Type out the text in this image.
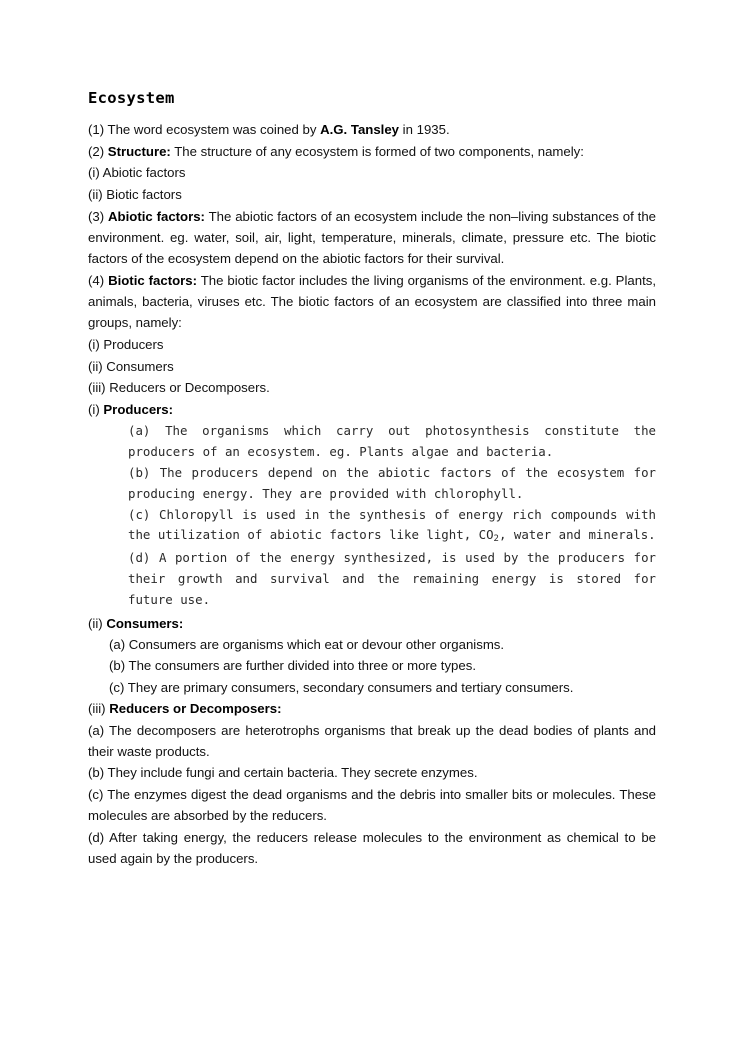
Ecosystem

(1) The word ecosystem was coined by A.G. Tansley in 1935.

(2) Structure: The structure of any ecosystem is formed of two components, namely:

(i) Abiotic factors

(ii) Biotic factors

(3) Abiotic factors: The abiotic factors of an ecosystem include the non–living substances of the environment. eg. water, soil, air, light, temperature, minerals, climate, pressure etc. The biotic factors of the ecosystem depend on the abiotic factors for their survival.

(4) Biotic factors: The biotic factor includes the living organisms of the environment. e.g. Plants, animals, bacteria, viruses etc. The biotic factors of an ecosystem are classified into three main groups, namely:

(i) Producers

(ii) Consumers

(iii) Reducers or Decomposers.

(i) Producers:

(a) The organisms which carry out photosynthesis constitute the producers of an ecosystem. eg. Plants algae and bacteria.

(b) The producers depend on the abiotic factors of the ecosystem for producing energy. They are provided with chlorophyll.

(c) Chloropyll is used in the synthesis of energy rich compounds with the utilization of abiotic factors like light, $CO_2$, water and minerals.

(d) A portion of the energy synthesized, is used by the producers for their growth and survival and the remaining energy is stored for future use.

(ii) Consumers:

(a) Consumers are organisms which eat or devour other organisms.

(b) The consumers are further divided into three or more types.

(c) They are primary consumers, secondary consumers and tertiary consumers.

(iii) Reducers or Decomposers:

(a) The decomposers are heterotrophs organisms that break up the dead bodies of plants and their waste products.

(b) They include fungi and certain bacteria. They secrete enzymes.

(c) The enzymes digest the dead organisms and the debris into smaller bits or molecules. These molecules are absorbed by the reducers.

(d) After taking energy, the reducers release molecules to the environment as chemical to be used again by the producers.
